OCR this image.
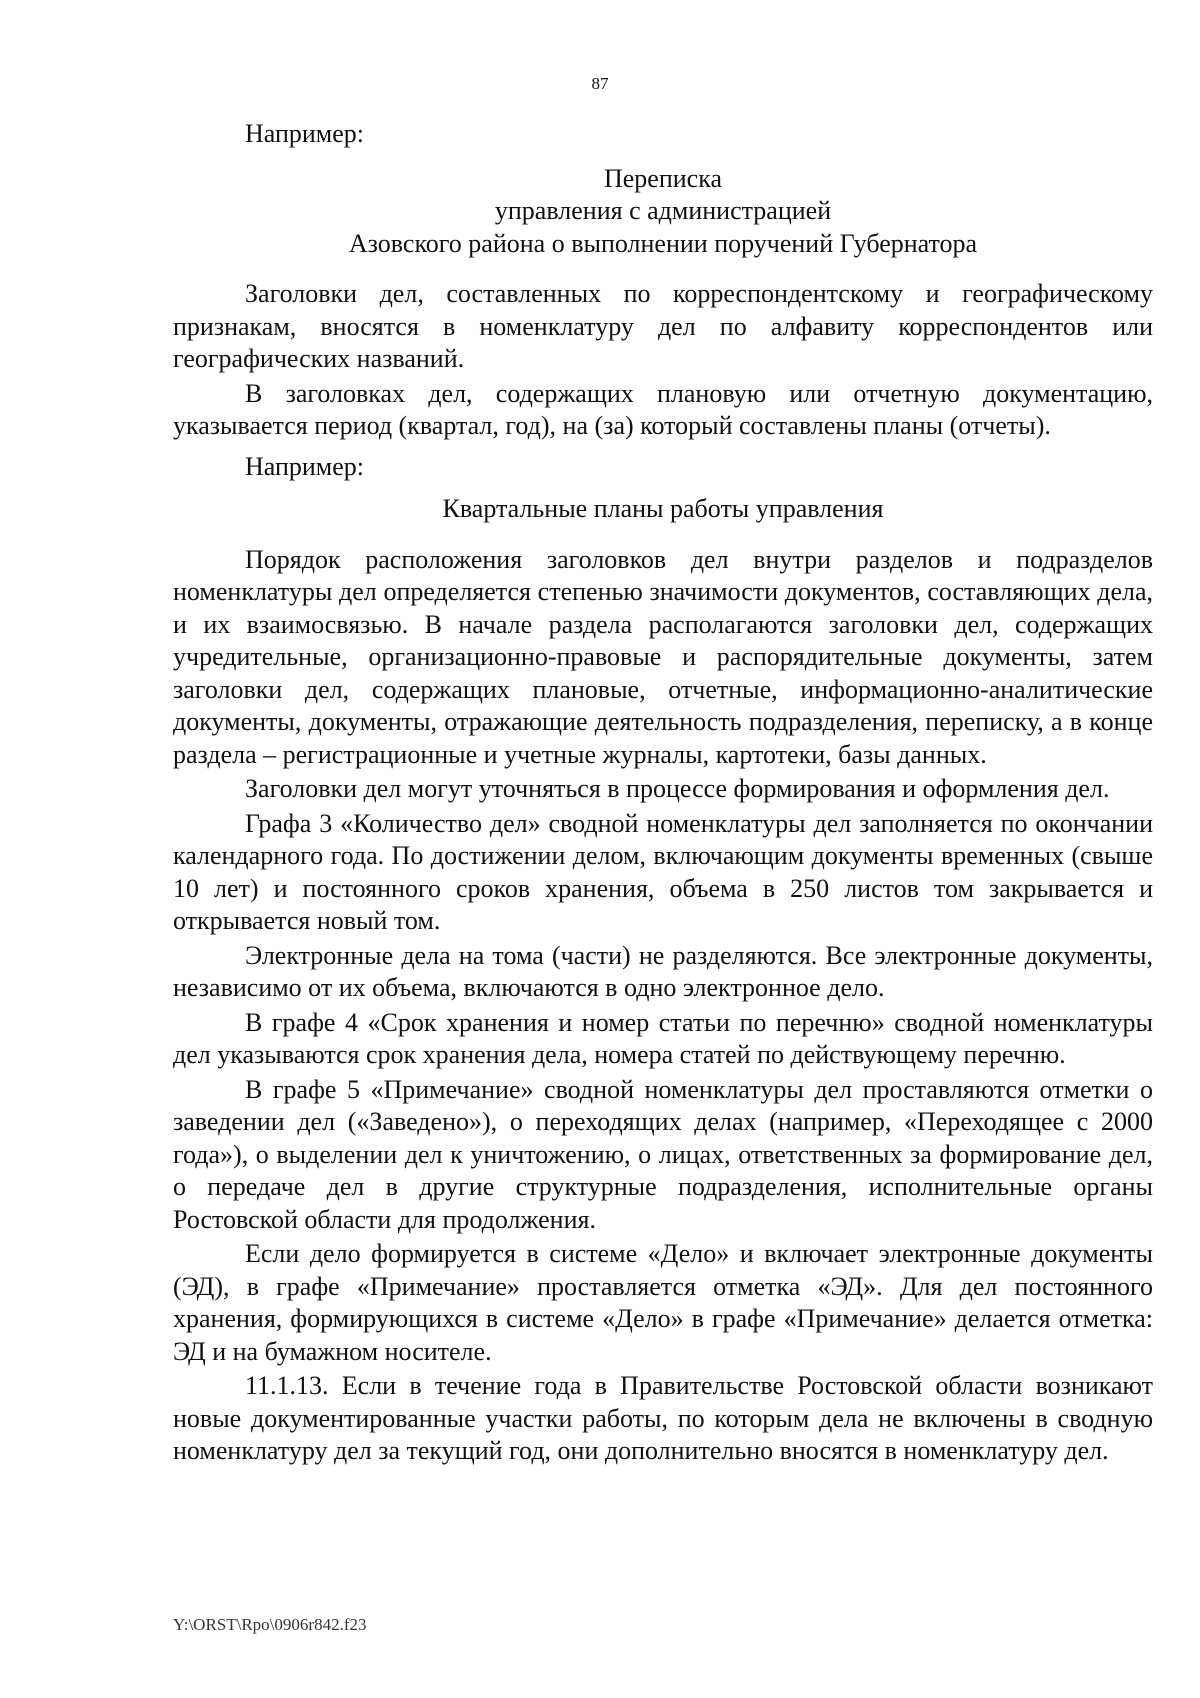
87
Например:
Переписка
управления с администрацией
Азовского района о выполнении поручений Губернатора

Заголовки дел, составленных по корреспондентскому и географическому признакам, вносятся в номенклатуру дел по алфавиту корреспондентов или географических названий.

В заголовках дел, содержащих плановую или отчетную документацию, указывается период (квартал, год), на (за) который составлены планы (отчеты).

Например:
Квартальные планы работы управления

Порядок расположения заголовков дел внутри разделов и подразделов номенклатуры дел определяется степенью значимости документов, составляющих дела, и их взаимосвязью. В начале раздела располагаются заголовки дел, содержащих учредительные, организационно-правовые и распорядительные документы, затем заголовки дел, содержащих плановые, отчетные, информационно-аналитические документы, документы, отражающие деятельность подразделения, переписку, а в конце раздела – регистрационные и учетные журналы, картотеки, базы данных.

Заголовки дел могут уточняться в процессе формирования и оформления дел.

Графа 3 «Количество дел» сводной номенклатуры дел заполняется по окончании календарного года. По достижении делом, включающим документы временных (свыше 10 лет) и постоянного сроков хранения, объема в 250 листов том закрывается и открывается новый том.

Электронные дела на тома (части) не разделяются. Все электронные документы, независимо от их объема, включаются в одно электронное дело.

В графе 4 «Срок хранения и номер статьи по перечню» сводной номенклатуры дел указываются срок хранения дела, номера статей по действующему перечню.

В графе 5 «Примечание» сводной номенклатуры дел проставляются отметки о заведении дел («Заведено»), о переходящих делах (например, «Переходящее с 2000 года»), о выделении дел к уничтожению, о лицах, ответственных за формирование дел, о передаче дел в другие структурные подразделения, исполнительные органы Ростовской области для продолжения.

Если дело формируется в системе «Дело» и включает электронные документы (ЭД), в графе «Примечание» проставляется отметка «ЭД». Для дел постоянного хранения, формирующихся в системе «Дело» в графе «Примечание» делается отметка: ЭД и на бумажном носителе.

11.1.13. Если в течение года в Правительстве Ростовской области возникают новые документированные участки работы, по которым дела не включены в сводную номенклатуру дел за текущий год, они дополнительно вносятся в номенклатуру дел.

Y:\ORST\Rpo\0906r842.f23
